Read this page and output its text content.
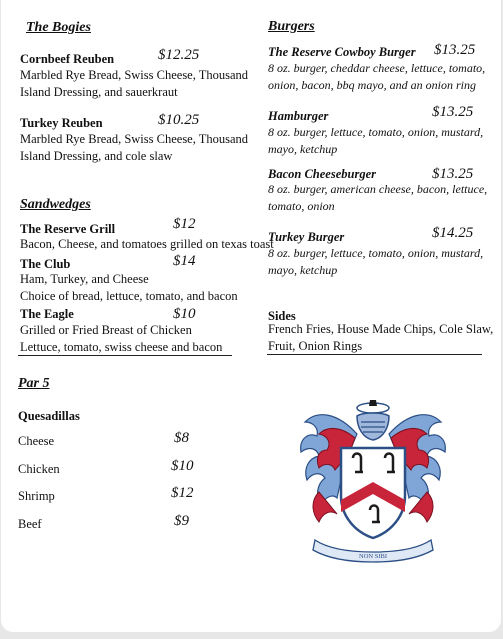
The Bogies
Cornbeef Reuben	$12.25
Marbled Rye Bread, Swiss Cheese, Thousand
Island Dressing, and sauerkraut
Turkey Reuben	$10.25
Marbled Rye Bread, Swiss Cheese, Thousand
Island Dressing, and cole slaw
Sandwedges
The Reserve Grill	$12
Bacon, Cheese, and tomatoes grilled on texas toast
The Club	$14
Ham, Turkey, and Cheese
Choice of bread, lettuce, tomato, and bacon
The Eagle	$10
Grilled or Fried Breast of Chicken
Lettuce, tomato, swiss cheese and bacon
Burgers
The Reserve Cowboy Burger $13.25
8 oz. burger, cheddar cheese, lettuce, tomato,
onion, bacon, bbq mayo, and an onion ring
Hamburger	$13.25
8 oz. burger, lettuce, tomato, onion, mustard,
mayo, ketchup
Bacon Cheeseburger	$13.25
8 oz. burger, american cheese, bacon, lettuce,
tomato, onion
Turkey Burger	$14.25
8 oz. burger, lettuce, tomato, onion, mustard,
mayo, ketchup
Sides
French Fries, House Made Chips, Cole Slaw,
Fruit, Onion Rings
Par 5
Quesadillas
Cheese	$8
Chicken	$10
Shrimp	$12
Beef	$9
NON SIBI
